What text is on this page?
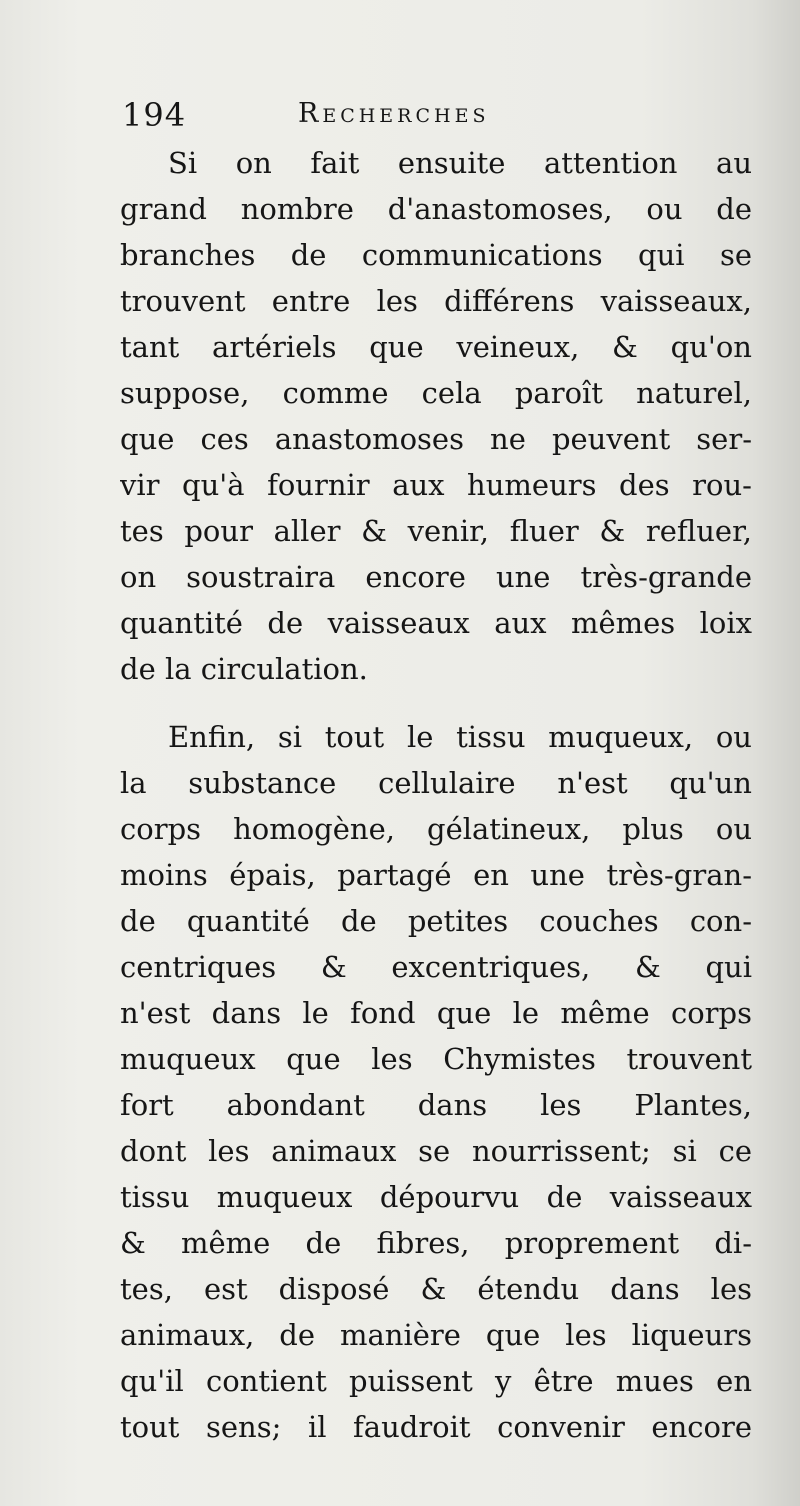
194	Recherches
Si on fait ensuite attention au
grand nombre d'anastomoses, ou de
branches de communications qui se
trouvent entre les différens vaisseaux,
tant artériels que veineux, & qu'on
suppose, comme cela paroît naturel,
que ces anastomoses ne peuvent ser-
vir qu'à fournir aux humeurs des rou-
tes pour aller & venir, fluer & refluer,
on soustraira encore une très-grande
quantité de vaisseaux aux mêmes loix
de la circulation.
Enfin, si tout le tissu muqueux, ou
la substance cellulaire n'est qu'un
corps homogène, gélatineux, plus ou
moins épais, partagé en une très-gran-
de quantité de petites couches con-
centriques & excentriques, & qui
n'est dans le fond que le même corps
muqueux que les Chymistes trouvent
fort abondant dans les Plantes,
dont les animaux se nourrissent; si ce
tissu muqueux dépourvu de vaisseaux
& même de fibres, proprement di-
tes, est disposé & étendu dans les
animaux, de manière que les liqueurs
qu'il contient puissent y être mues en
tout sens; il faudroit convenir encore
